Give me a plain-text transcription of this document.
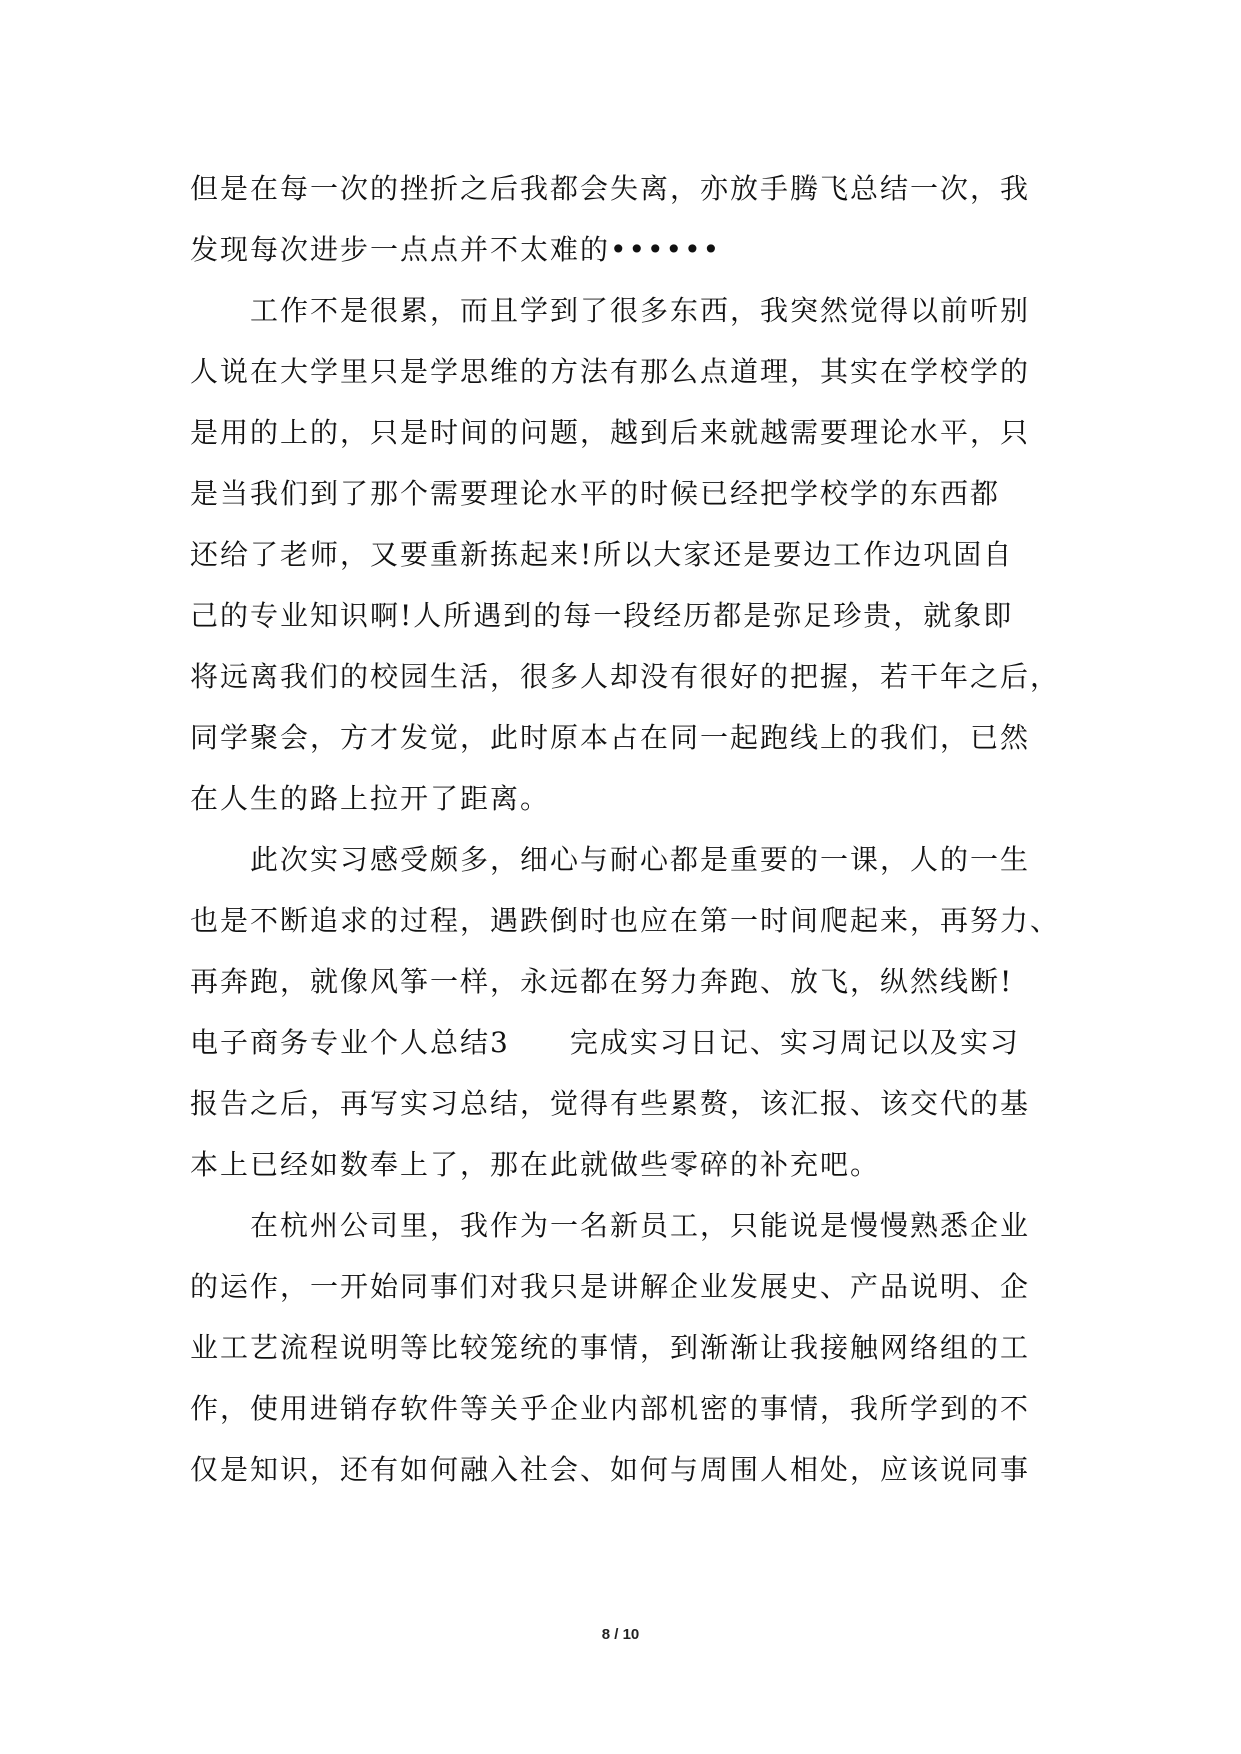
但是在每一次的挫折之后我都会失离，亦放手腾飞总结一次，我
发现每次进步一点点并不太难的••••••
　　工作不是很累，而且学到了很多东西，我突然觉得以前听别
人说在大学里只是学思维的方法有那么点道理，其实在学校学的
是用的上的，只是时间的问题，越到后来就越需要理论水平，只
是当我们到了那个需要理论水平的时候已经把学校学的东西都
还给了老师，又要重新拣起来!所以大家还是要边工作边巩固自
己的专业知识啊!人所遇到的每一段经历都是弥足珍贵，就象即
将远离我们的校园生活，很多人却没有很好的把握，若干年之后，
同学聚会，方才发觉，此时原本占在同一起跑线上的我们，已然
在人生的路上拉开了距离。
　　此次实习感受颇多，细心与耐心都是重要的一课，人的一生
也是不断追求的过程，遇跌倒时也应在第一时间爬起来，再努力、
再奔跑，就像风筝一样，永远都在努力奔跑、放飞，纵然线断!
电子商务专业个人总结3　　完成实习日记、实习周记以及实习
报告之后，再写实习总结，觉得有些累赘，该汇报、该交代的基
本上已经如数奉上了，那在此就做些零碎的补充吧。
　　在杭州公司里，我作为一名新员工，只能说是慢慢熟悉企业
的运作，一开始同事们对我只是讲解企业发展史、产品说明、企
业工艺流程说明等比较笼统的事情，到渐渐让我接触网络组的工
作，使用进销存软件等关乎企业内部机密的事情，我所学到的不
仅是知识，还有如何融入社会、如何与周围人相处，应该说同事
8 / 10
